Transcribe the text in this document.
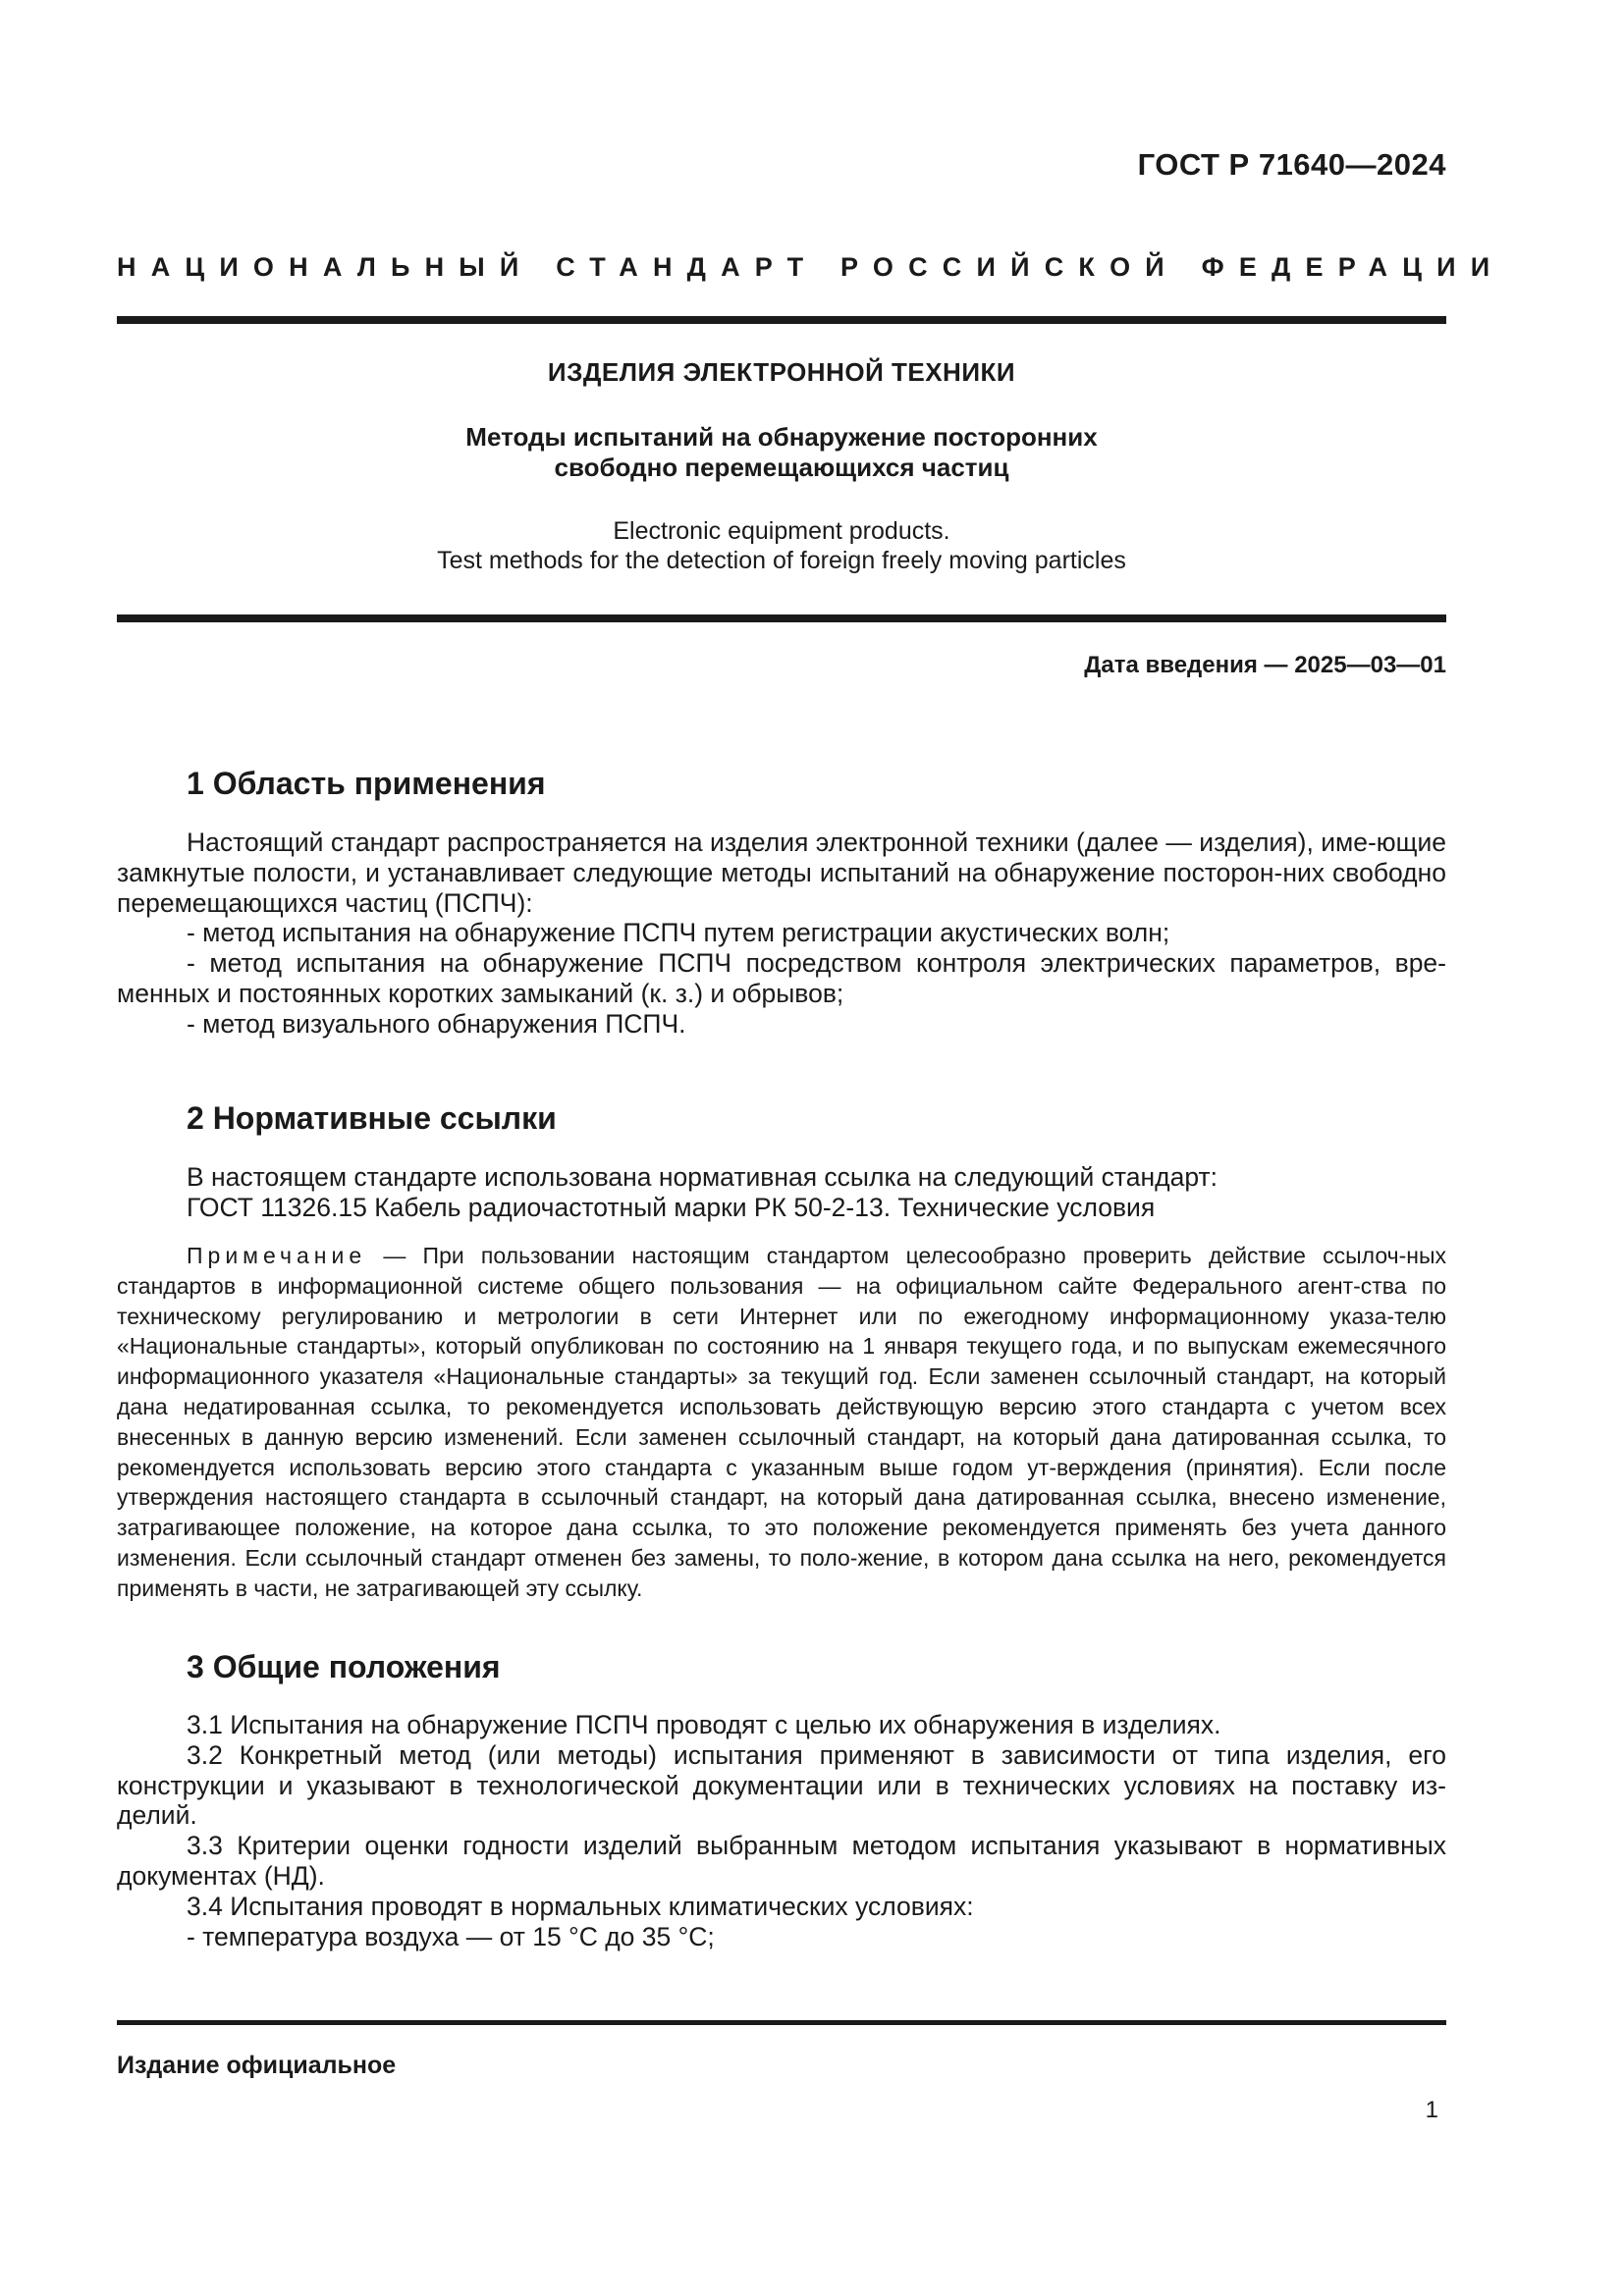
ГОСТ Р 71640—2024
НАЦИОНАЛЬНЫЙ СТАНДАРТ РОССИЙСКОЙ ФЕДЕРАЦИИ
ИЗДЕЛИЯ ЭЛЕКТРОННОЙ ТЕХНИКИ
Методы испытаний на обнаружение посторонних
свободно перемещающихся частиц
Electronic equipment products.
Test methods for the detection of foreign freely moving particles
Дата введения — 2025—03—01
1 Область применения

Настоящий стандарт распространяется на изделия электронной техники (далее — изделия), име-ющие замкнутые полости, и устанавливает следующие методы испытаний на обнаружение посторон-них свободно перемещающихся частиц (ПСПЧ):

- метод испытания на обнаружение ПСПЧ путем регистрации акустических волн;

- метод испытания на обнаружение ПСПЧ посредством контроля электрических параметров, вре-менных и постоянных коротких замыканий (к. з.) и обрывов;

- метод визуального обнаружения ПСПЧ.

2 Нормативные ссылки

В настоящем стандарте использована нормативная ссылка на следующий стандарт:

ГОСТ 11326.15 Кабель радиочастотный марки РК 50-2-13. Технические условия

Примечание — При пользовании настоящим стандартом целесообразно проверить действие ссылоч-ных стандартов в информационной системе общего пользования — на официальном сайте Федерального агент-ства по техническому регулированию и метрологии в сети Интернет или по ежегодному информационному указа-телю «Национальные стандарты», который опубликован по состоянию на 1 января текущего года, и по выпускам ежемесячного информационного указателя «Национальные стандарты» за текущий год. Если заменен ссылочный стандарт, на который дана недатированная ссылка, то рекомендуется использовать действующую версию этого стандарта с учетом всех внесенных в данную версию изменений. Если заменен ссылочный стандарт, на который дана датированная ссылка, то рекомендуется использовать версию этого стандарта с указанным выше годом ут-верждения (принятия). Если после утверждения настоящего стандарта в ссылочный стандарт, на который дана датированная ссылка, внесено изменение, затрагивающее положение, на которое дана ссылка, то это положение рекомендуется применять без учета данного изменения. Если ссылочный стандарт отменен без замены, то поло-жение, в котором дана ссылка на него, рекомендуется применять в части, не затрагивающей эту ссылку.
3 Общие положения

3.1 Испытания на обнаружение ПСПЧ проводят с целью их обнаружения в изделиях.

3.2 Конкретный метод (или методы) испытания применяют в зависимости от типа изделия, его конструкции и указывают в технологической документации или в технических условиях на поставку из-делий.

3.3 Критерии оценки годности изделий выбранным методом испытания указывают в нормативных документах (НД).

3.4 Испытания проводят в нормальных климатических условиях:

- температура воздуха — от 15 °С до 35 °С;

Издание официальное
1
